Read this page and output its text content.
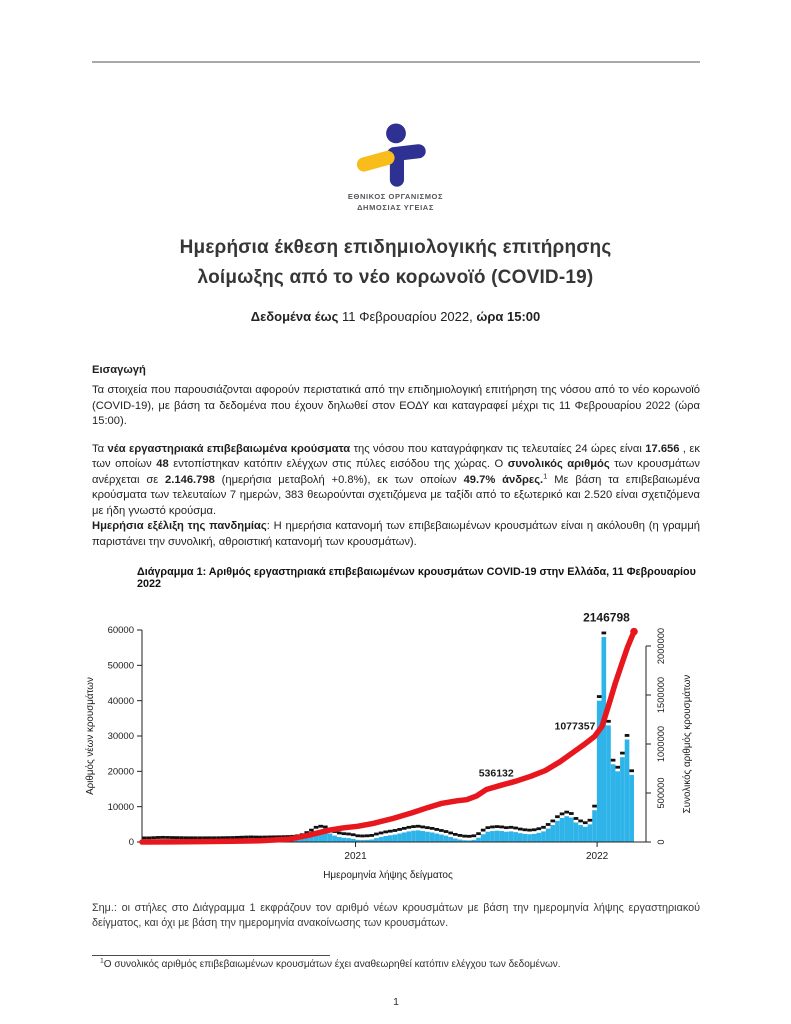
ΕΘΝΙΚΟΣ ΟΡΓΑΝΙΣΜΟΣ
ΔΗΜΟΣΙΑΣ ΥΓΕΙΑΣ
Ημερήσια έκθεση επιδημιολογικής επιτήρησης
λοίμωξης από το νέο κορωνοϊό (COVID-19)
Δεδομένα έως 11 Φεβρουαρίου 2022, ώρα 15:00
Εισαγωγή

Τα στοιχεία που παρουσιάζονται αφορούν περιστατικά από την επιδημιολογική επιτήρηση της νόσου από το νέο κορωνοϊό (COVID-19), με βάση τα δεδομένα που έχουν δηλωθεί στον ΕΟΔΥ και καταγραφεί μέχρι τις 11 Φεβρουαρίου 2022 (ώρα 15:00).

Τα νέα εργαστηριακά επιβεβαιωμένα κρούσματα της νόσου που καταγράφηκαν τις τελευταίες 24 ώρες είναι 17.656 , εκ των οποίων 48 εντοπίστηκαν κατόπιν ελέγχων στις πύλες εισόδου της χώρας. Ο συνολικός αριθμός των κρουσμάτων ανέρχεται σε 2.146.798 (ημερήσια μεταβολή +0.8%), εκ των οποίων 49.7% άνδρες.$^1$ Με βάση τα επιβεβαιωμένα κρούσματα των τελευταίων 7 ημερών, 383 θεωρούνται σχετιζόμενα με ταξίδι από το εξωτερικό και 2.520 είναι σχετιζόμενα με ήδη γνωστό κρούσμα.

Ημερήσια εξέλιξη της πανδημίας: Η ημερήσια κατανομή των επιβεβαιωμένων κρουσμάτων είναι η ακόλουθη (η γραμμή παριστάνει την συνολική, αθροιστική κατανομή των κρουσμάτων).

Διάγραμμα 1: Αριθμός εργαστηριακά επιβεβαιωμένων κρουσμάτων COVID-19 στην Ελλάδα, 11 Φεβρουαρίου 2022
0
10000
20000
30000
40000
50000
60000
Αριθμός νέων κρουσμάτων
0
500000
1000000
1500000
2000000
Συνολικός αριθμός κρουσμάτων
2021	2022
Ημερομηνία λήψης δείγματος
536132
1077357
2146798

Σημ.: οι στήλες στο Διάγραμμα 1 εκφράζουν τον αριθμό νέων κρουσμάτων με βάση την ημερομηνία λήψης εργαστηριακού δείγματος, και όχι με βάση την ημερομηνία ανακοίνωσης των κρουσμάτων.

$^1$Ο συνολικός αριθμός επιβεβαιωμένων κρουσμάτων έχει αναθεωρηθεί κατόπιν ελέγχου των δεδομένων.
1
